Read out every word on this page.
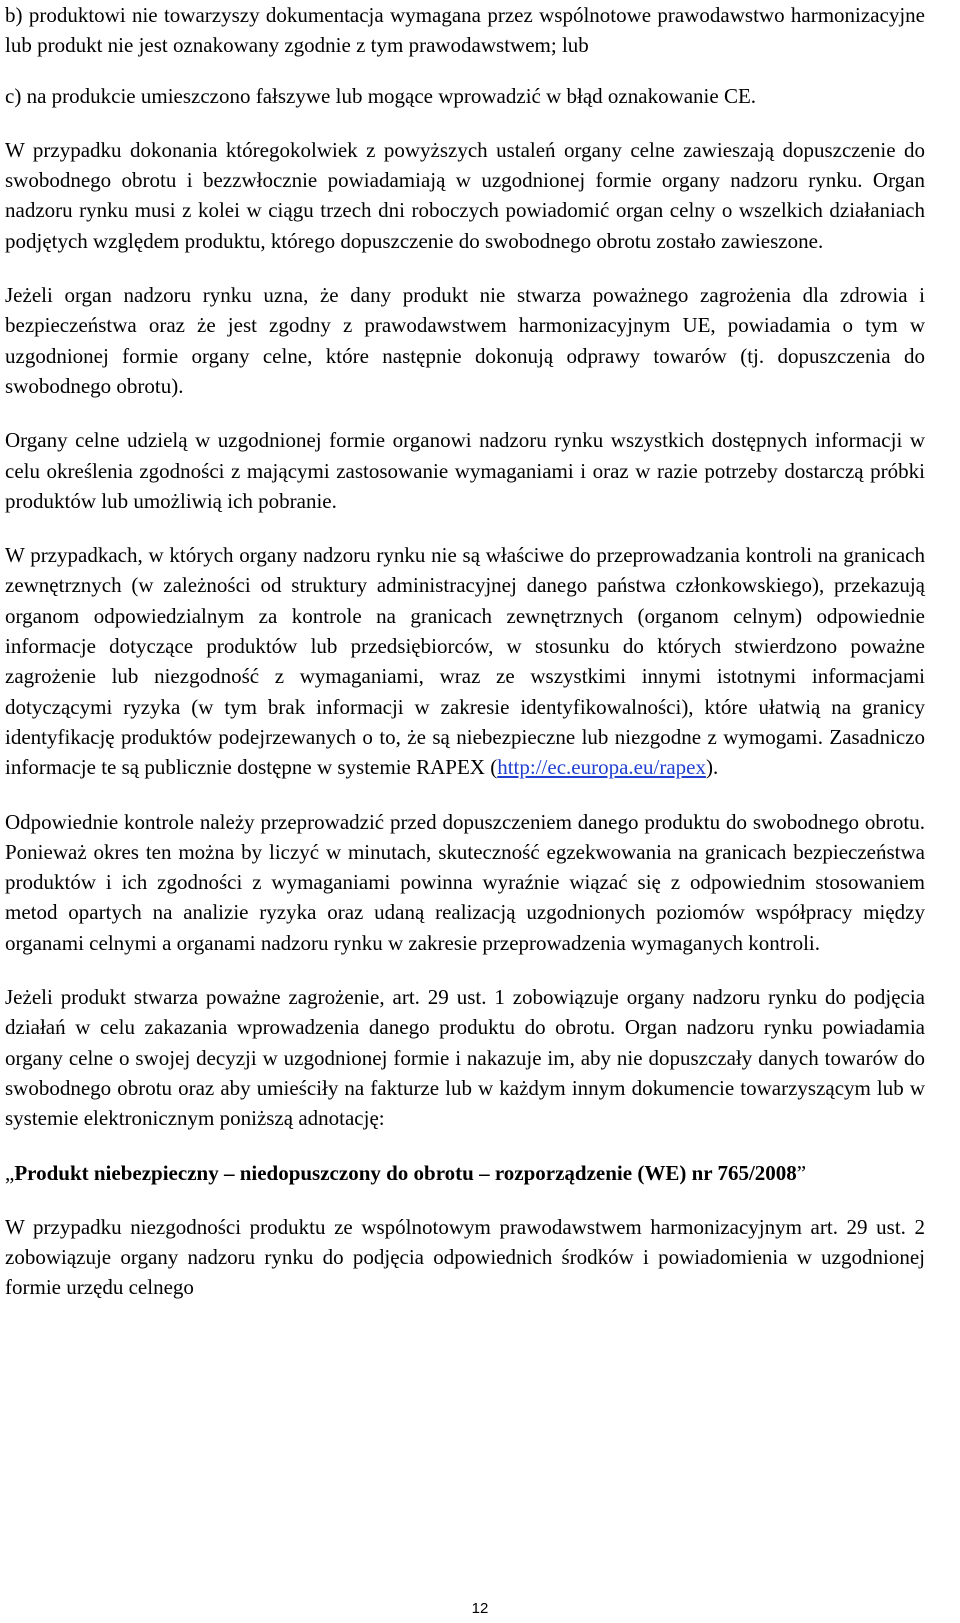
b) produktowi nie towarzyszy dokumentacja wymagana przez wspólnotowe prawodawstwo harmonizacyjne lub produkt nie jest oznakowany zgodnie z tym prawodawstwem; lub

c) na produkcie umieszczono fałszywe lub mogące wprowadzić w błąd oznakowanie CE.

W przypadku dokonania któregokolwiek z powyższych ustaleń organy celne zawieszają dopuszczenie do swobodnego obrotu i bezzwłocznie powiadamiają w uzgodnionej formie organy nadzoru rynku. Organ nadzoru rynku musi z kolei w ciągu trzech dni roboczych powiadomić organ celny o wszelkich działaniach podjętych względem produktu, którego dopuszczenie do swobodnego obrotu zostało zawieszone.

Jeżeli organ nadzoru rynku uzna, że dany produkt nie stwarza poważnego zagrożenia dla zdrowia i bezpieczeństwa oraz że jest zgodny z prawodawstwem harmonizacyjnym UE, powiadamia o tym w uzgodnionej formie organy celne, które następnie dokonują odprawy towarów (tj. dopuszczenia do swobodnego obrotu).

Organy celne udzielą w uzgodnionej formie organowi nadzoru rynku wszystkich dostępnych informacji w celu określenia zgodności z mającymi zastosowanie wymaganiami i oraz w razie potrzeby dostarczą próbki produktów lub umożliwią ich pobranie.

W przypadkach, w których organy nadzoru rynku nie są właściwe do przeprowadzania kontroli na granicach zewnętrznych (w zależności od struktury administracyjnej danego państwa członkowskiego), przekazują organom odpowiedzialnym za kontrole na granicach zewnętrznych (organom celnym) odpowiednie informacje dotyczące produktów lub przedsiębiorców, w stosunku do których stwierdzono poważne zagrożenie lub niezgodność z wymaganiami, wraz ze wszystkimi innymi istotnymi informacjami dotyczącymi ryzyka (w tym brak informacji w zakresie identyfikowalności), które ułatwią na granicy identyfikację produktów podejrzewanych o to, że są niebezpieczne lub niezgodne z wymogami. Zasadniczo informacje te są publicznie dostępne w systemie RAPEX (http://ec.europa.eu/rapex).

Odpowiednie kontrole należy przeprowadzić przed dopuszczeniem danego produktu do swobodnego obrotu. Ponieważ okres ten można by liczyć w minutach, skuteczność egzekwowania na granicach bezpieczeństwa produktów i ich zgodności z wymaganiami powinna wyraźnie wiązać się z odpowiednim stosowaniem metod opartych na analizie ryzyka oraz udaną realizacją uzgodnionych poziomów współpracy między organami celnymi a organami nadzoru rynku w zakresie przeprowadzenia wymaganych kontroli.

Jeżeli produkt stwarza poważne zagrożenie, art. 29 ust. 1 zobowiązuje organy nadzoru rynku do podjęcia działań w celu zakazania wprowadzenia danego produktu do obrotu. Organ nadzoru rynku powiadamia organy celne o swojej decyzji w uzgodnionej formie i nakazuje im, aby nie dopuszczały danych towarów do swobodnego obrotu oraz aby umieściły na fakturze lub w każdym innym dokumencie towarzyszącym lub w systemie elektronicznym poniższą adnotację:

„Produkt niebezpieczny – niedopuszczony do obrotu – rozporządzenie (WE) nr 765/2008”

W przypadku niezgodności produktu ze wspólnotowym prawodawstwem harmonizacyjnym art. 29 ust. 2 zobowiązuje organy nadzoru rynku do podjęcia odpowiednich środków i powiadomienia w uzgodnionej formie urzędu celnego

12
